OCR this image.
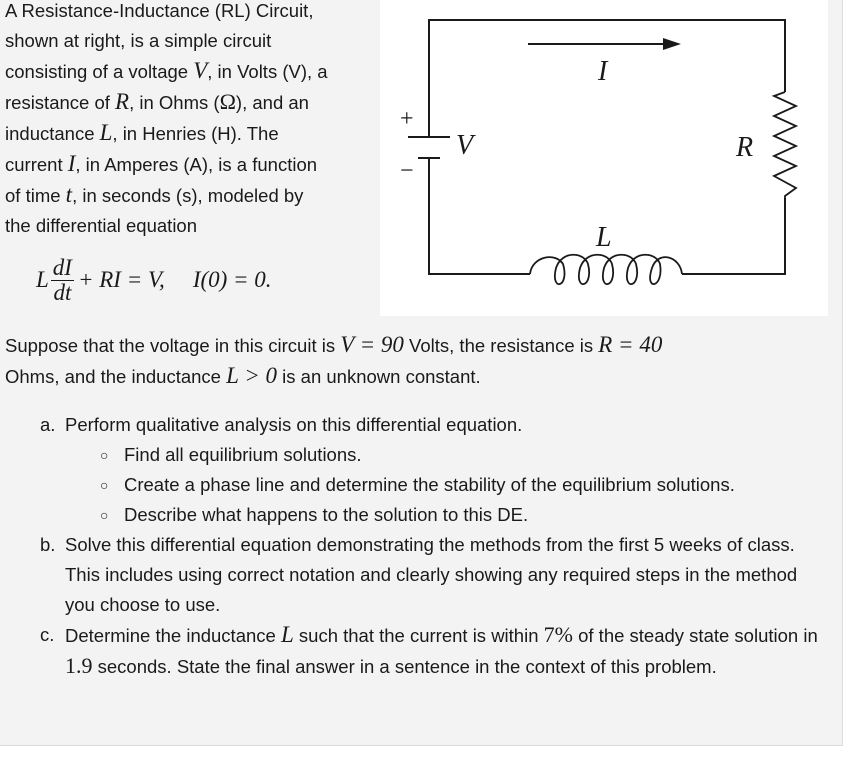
A Resistance-Inductance (RL) Circuit,
shown at right, is a simple circuit
consisting of a voltage V, in Volts (V), a
resistance of R, in Ohms (Ω), and an
inductance L, in Henries (H). The
current I, in Amperes (A), is a function
of time t, in seconds (s), modeled by
the differential equation
L $\frac{dI}{dt}$ + RI = V, I(0) = 0.
I
V	R
L
+
−
Suppose that the voltage in this circuit is V = 90 Volts, the resistance is R = 40
Ohms, and the inductance L > 0 is an unknown constant.
a. Perform qualitative analysis on this differential equation.
○ Find all equilibrium solutions.
○ Create a phase line and determine the stability of the equilibrium solutions.
○ Describe what happens to the solution to this DE.
b. Solve this differential equation demonstrating the methods from the first 5 weeks of class. This includes using correct notation and clearly showing any required steps in the method you choose to use.
c. Determine the inductance L such that the current is within 7% of the steady state solution in 1.9 seconds. State the final answer in a sentence in the context of this problem.
